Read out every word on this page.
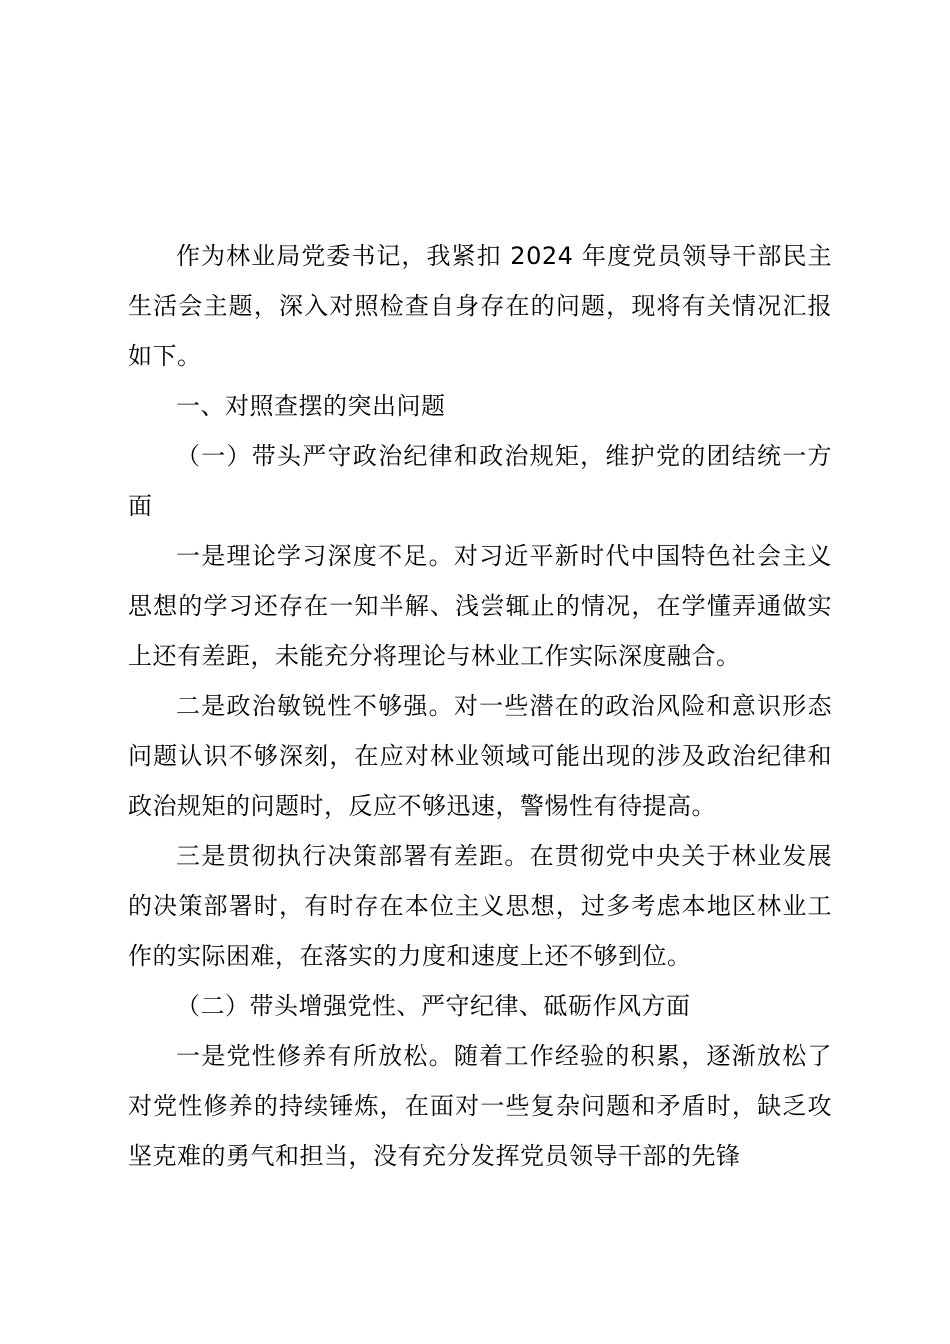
作为林业局党委书记，我紧扣 2024 年度党员领导干部民主生活会主题，深入对照检查自身存在的问题，现将有关情况汇报如下。

一、对照查摆的突出问题

（一）带头严守政治纪律和政治规矩，维护党的团结统一方面

一是理论学习深度不足。对习近平新时代中国特色社会主义思想的学习还存在一知半解、浅尝辄止的情况，在学懂弄通做实上还有差距，未能充分将理论与林业工作实际深度融合。

二是政治敏锐性不够强。对一些潜在的政治风险和意识形态问题认识不够深刻，在应对林业领域可能出现的涉及政治纪律和政治规矩的问题时，反应不够迅速，警惕性有待提高。

三是贯彻执行决策部署有差距。在贯彻党中央关于林业发展的决策部署时，有时存在本位主义思想，过多考虑本地区林业工作的实际困难，在落实的力度和速度上还不够到位。

（二）带头增强党性、严守纪律、砥砺作风方面

一是党性修养有所放松。随着工作经验的积累，逐渐放松了对党性修养的持续锤炼，在面对一些复杂问题和矛盾时，缺乏攻坚克难的勇气和担当，没有充分发挥党员领导干部的先锋
